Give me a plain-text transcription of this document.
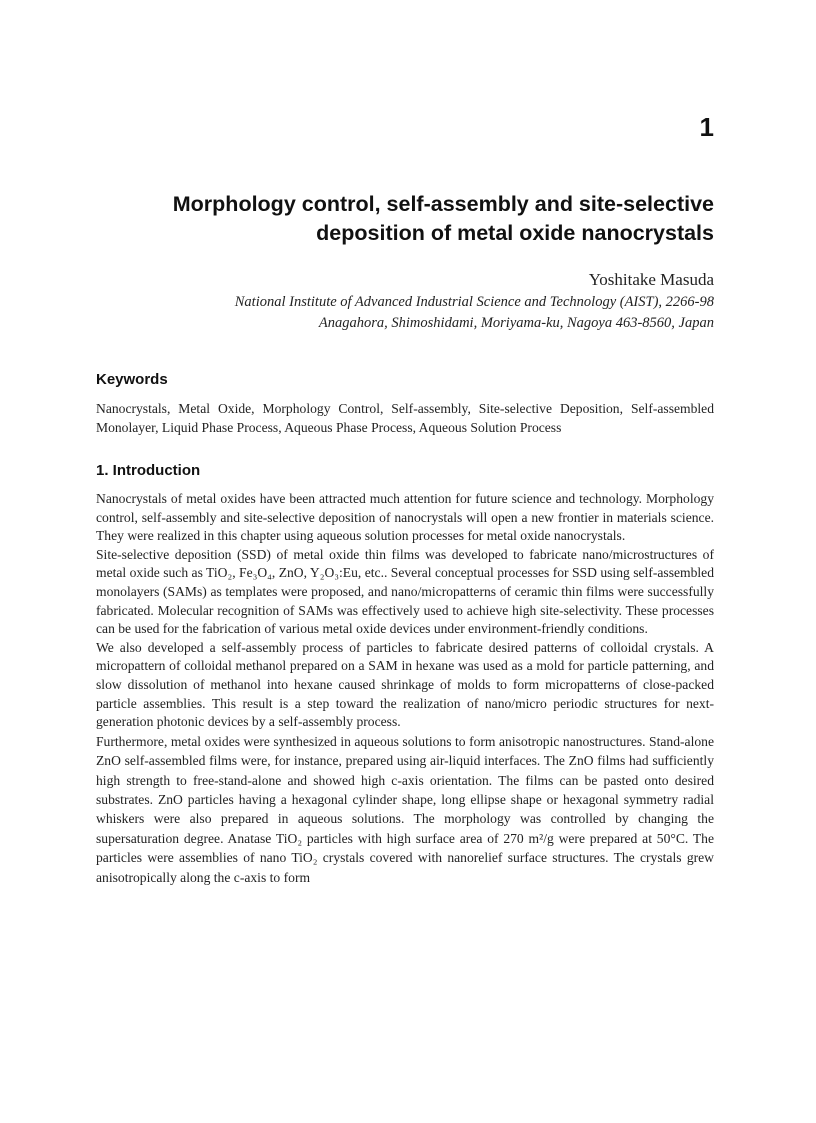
1
Morphology control, self-assembly and site-selective
deposition of metal oxide nanocrystals
Yoshitake Masuda
National Institute of Advanced Industrial Science and Technology (AIST), 2266-98
Anagahora, Shimoshidami, Moriyama-ku, Nagoya 463-8560, Japan
Keywords
Nanocrystals, Metal Oxide, Morphology Control, Self-assembly, Site-selective Deposition, Self-assembled Monolayer, Liquid Phase Process, Aqueous Phase Process, Aqueous Solution Process
1. Introduction

Nanocrystals of metal oxides have been attracted much attention for future science and technology. Morphology control, self-assembly and site-selective deposition of nanocrystals will open a new frontier in materials science. They were realized in this chapter using aqueous solution processes for metal oxide nanocrystals.

Site-selective deposition (SSD) of metal oxide thin films was developed to fabricate nano/microstructures of metal oxide such as TiO₂, Fe₃O₄, ZnO, Y₂O₃:Eu, etc.. Several conceptual processes for SSD using self-assembled monolayers (SAMs) as templates were proposed, and nano/micropatterns of ceramic thin films were successfully fabricated. Molecular recognition of SAMs was effectively used to achieve high site-selectivity. These processes can be used for the fabrication of various metal oxide devices under environment-friendly conditions.

We also developed a self-assembly process of particles to fabricate desired patterns of colloidal crystals. A micropattern of colloidal methanol prepared on a SAM in hexane was used as a mold for particle patterning, and slow dissolution of methanol into hexane caused shrinkage of molds to form micropatterns of close-packed particle assemblies. This result is a step toward the realization of nano/micro periodic structures for next-generation photonic devices by a self-assembly process.

Furthermore, metal oxides were synthesized in aqueous solutions to form anisotropic nanostructures. Stand-alone ZnO self-assembled films were, for instance, prepared using air-liquid interfaces. The ZnO films had sufficiently high strength to free-stand-alone and showed high c-axis orientation. The films can be pasted onto desired substrates. ZnO particles having a hexagonal cylinder shape, long ellipse shape or hexagonal symmetry radial whiskers were also prepared in aqueous solutions. The morphology was controlled by changing the supersaturation degree. Anatase TiO₂ particles with high surface area of 270 m²/g were prepared at 50°C. The particles were assemblies of nano TiO₂ crystals covered with nanorelief surface structures. The crystals grew anisotropically along the c-axis to form
